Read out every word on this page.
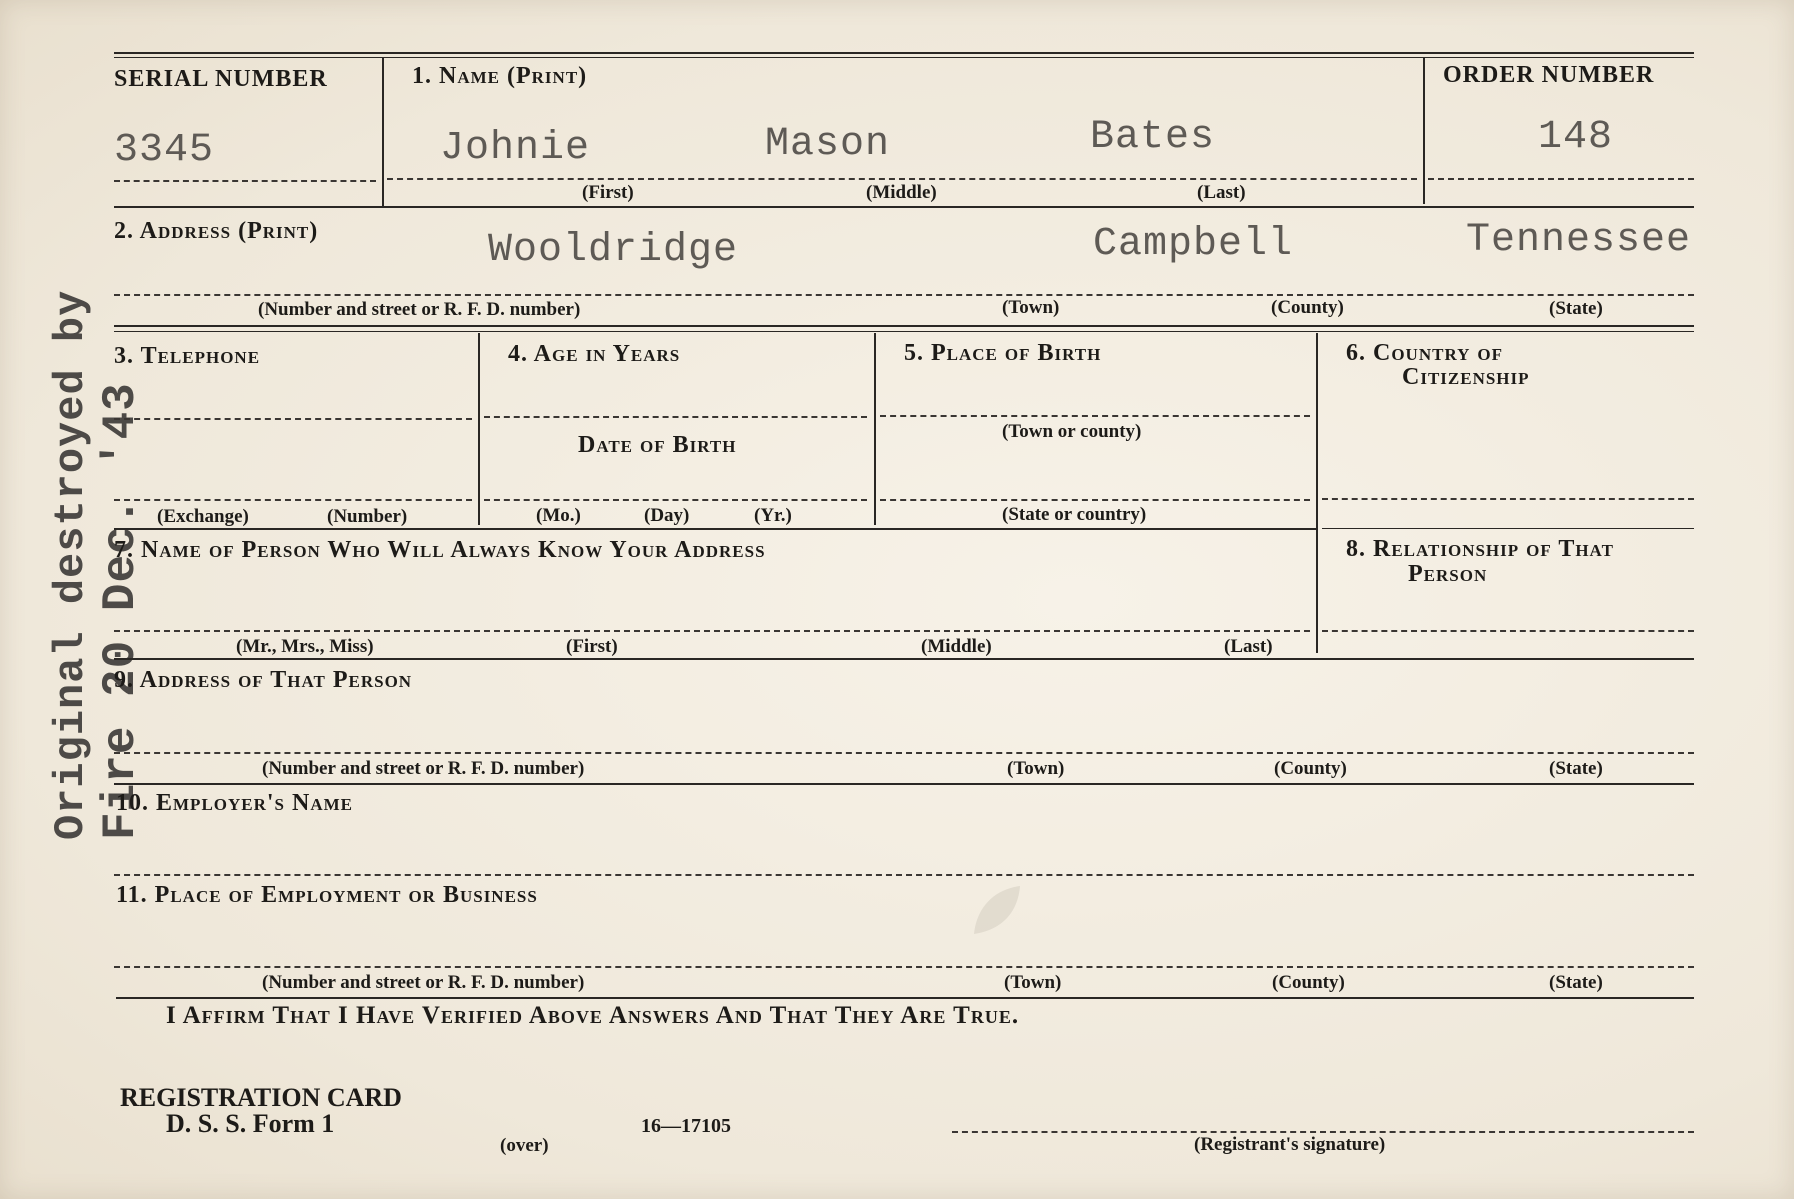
Original destroyed by Fire 20 Dec. '43
SERIAL NUMBER
3345
1. Name (Print)
Johnie	Mason	Bates
(First)	(Middle)	(Last)
ORDER NUMBER
148
2. Address (Print)	Wooldridge	Campbell	Tennessee
(Number and street or R. F. D. number)	(Town)	(County)	(State)
3. Telephone
(Exchange)	(Number)
4. Age in Years
Date of Birth
(Mo.)	(Day)	(Yr.)
5. Place of Birth
(Town or county)
(State or country)
6. Country of
Citizenship
7. Name of Person Who Will Always Know Your Address
(Mr., Mrs., Miss)	(First)	(Middle)	(Last)
8. Relationship of That
Person
9. Address of That Person
(Number and street or R. F. D. number)	(Town)	(County)	(State)
10. Employer's Name
11. Place of Employment or Business
(Number and street or R. F. D. number)	(Town)	(County)	(State)
I Affirm That I Have Verified Above Answers And That They Are True.
REGISTRATION CARD
D. S. S. Form 1
(over)
16—17105
(Registrant's signature)
